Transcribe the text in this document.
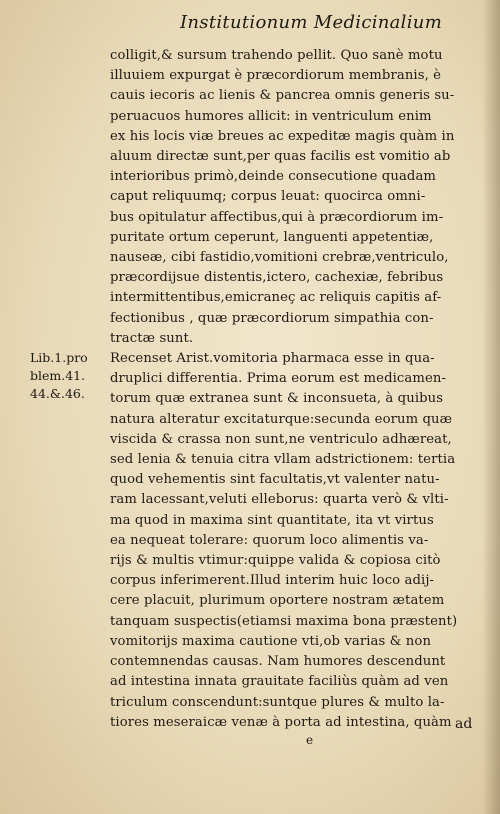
Institutionum Medicinalium
colligit,& sursum trahendo pellit. Quo sanè motu
illuuiem expurgat è præcordiorum membranis, è
cauis iecoris ac lienis & pancrea omnis generis su-
peruacuos humores allicit: in ventriculum enim
ex his locis viæ breues ac expeditæ magis quàm in
aluum directæ sunt,per quas facilis est vomitio ab
interioribus primò,deinde consecutione quadam
caput reliquumq; corpus leuat: quocirca omni-
bus opitulatur affectibus,qui à præcordiorum im-
puritate ortum ceperunt, languenti appetentiæ,
nauseæ, cibi fastidio,vomitioni crebræ,ventriculo,
præcordijsue distentis,ictero, cachexiæ, febribus
intermittentibus,emicraneç ac reliquis capitis af-
fectionibus , quæ præcordiorum simpathia con-
tractæ sunt.
Recenset Arist.vomitoria pharmaca esse in qua-
druplici differentia. Prima eorum est medicamen-
torum quæ extranea sunt & inconsueta, à quibus
natura alteratur excitaturque:secunda eorum quæ
viscida & crassa non sunt,ne ventriculo adhæreat,
sed lenia & tenuia citra vllam adstrictionem: tertia
quod vehementis sint facultatis,vt valenter natu-
ram lacessant,veluti elleborus: quarta verò & vlti-
ma quod in maxima sint quantitate, ita vt virtus
ea nequeat tolerare: quorum loco alimentis va-
rijs & multis vtimur:quippe valida & copiosa citò
corpus inferimerent.Illud interim huic loco adij-
cere placuit, plurimum oportere nostram ætatem
tanquam suspectis(etiamsi maxima bona præstent)
vomitorijs maxima cautione vti,ob varias & non
contemnendas causas. Nam humores descendunt
ad intestina innata grauitate faciliùs quàm ad ven
triculum conscendunt:suntque plures & multo la-
tiores meseraicæ venæ à porta ad intestina, quàm
Lib.1.pro
blem.41.
44.&.46.
ad
e
